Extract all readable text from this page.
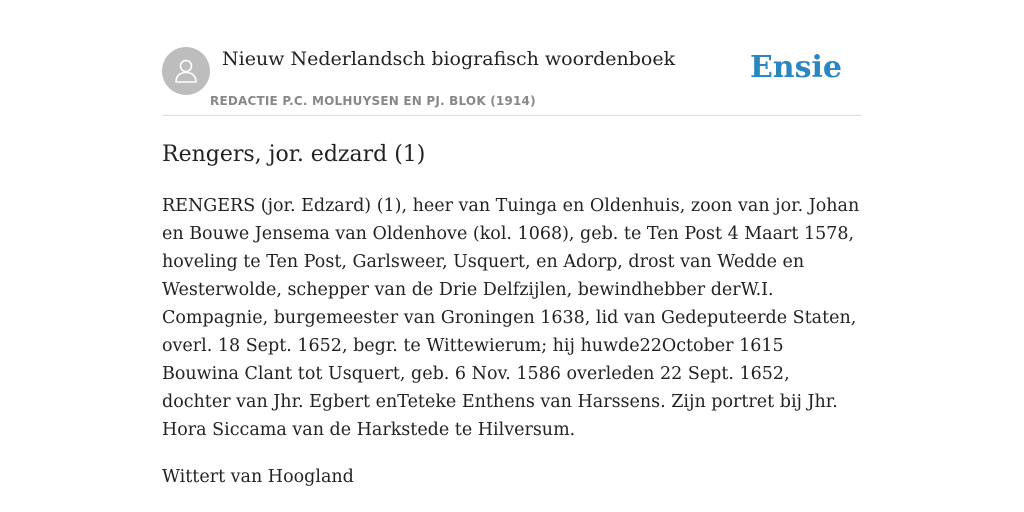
Nieuw Nederlandsch biografisch woordenboek
REDACTIE P.C. MOLHUYSEN EN PJ. BLOK (1914)
Ensie
Rengers, jor. edzard (1)

RENGERS (jor. Edzard) (1), heer van Tuinga en Oldenhuis, zoon van jor. Johan en Bouwe Jensema van Oldenhove (kol. 1068), geb. te Ten Post 4 Maart 1578, hoveling te Ten Post, Garlsweer, Usquert, en Adorp, drost van Wedde en Westerwolde, schepper van de Drie Delfzijlen, bewindhebber derW.I. Compagnie, burgemeester van Groningen 1638, lid van Gedeputeerde Staten, overl. 18 Sept. 1652, begr. te Wittewierum; hij huwde22October 1615 Bouwina Clant tot Usquert, geb. 6 Nov. 1586 overleden 22 Sept. 1652, dochter van Jhr. Egbert enTeteke Enthens van Harssens. Zijn portret bij Jhr. Hora Siccama van de Harkstede te Hilversum.

Wittert van Hoogland
